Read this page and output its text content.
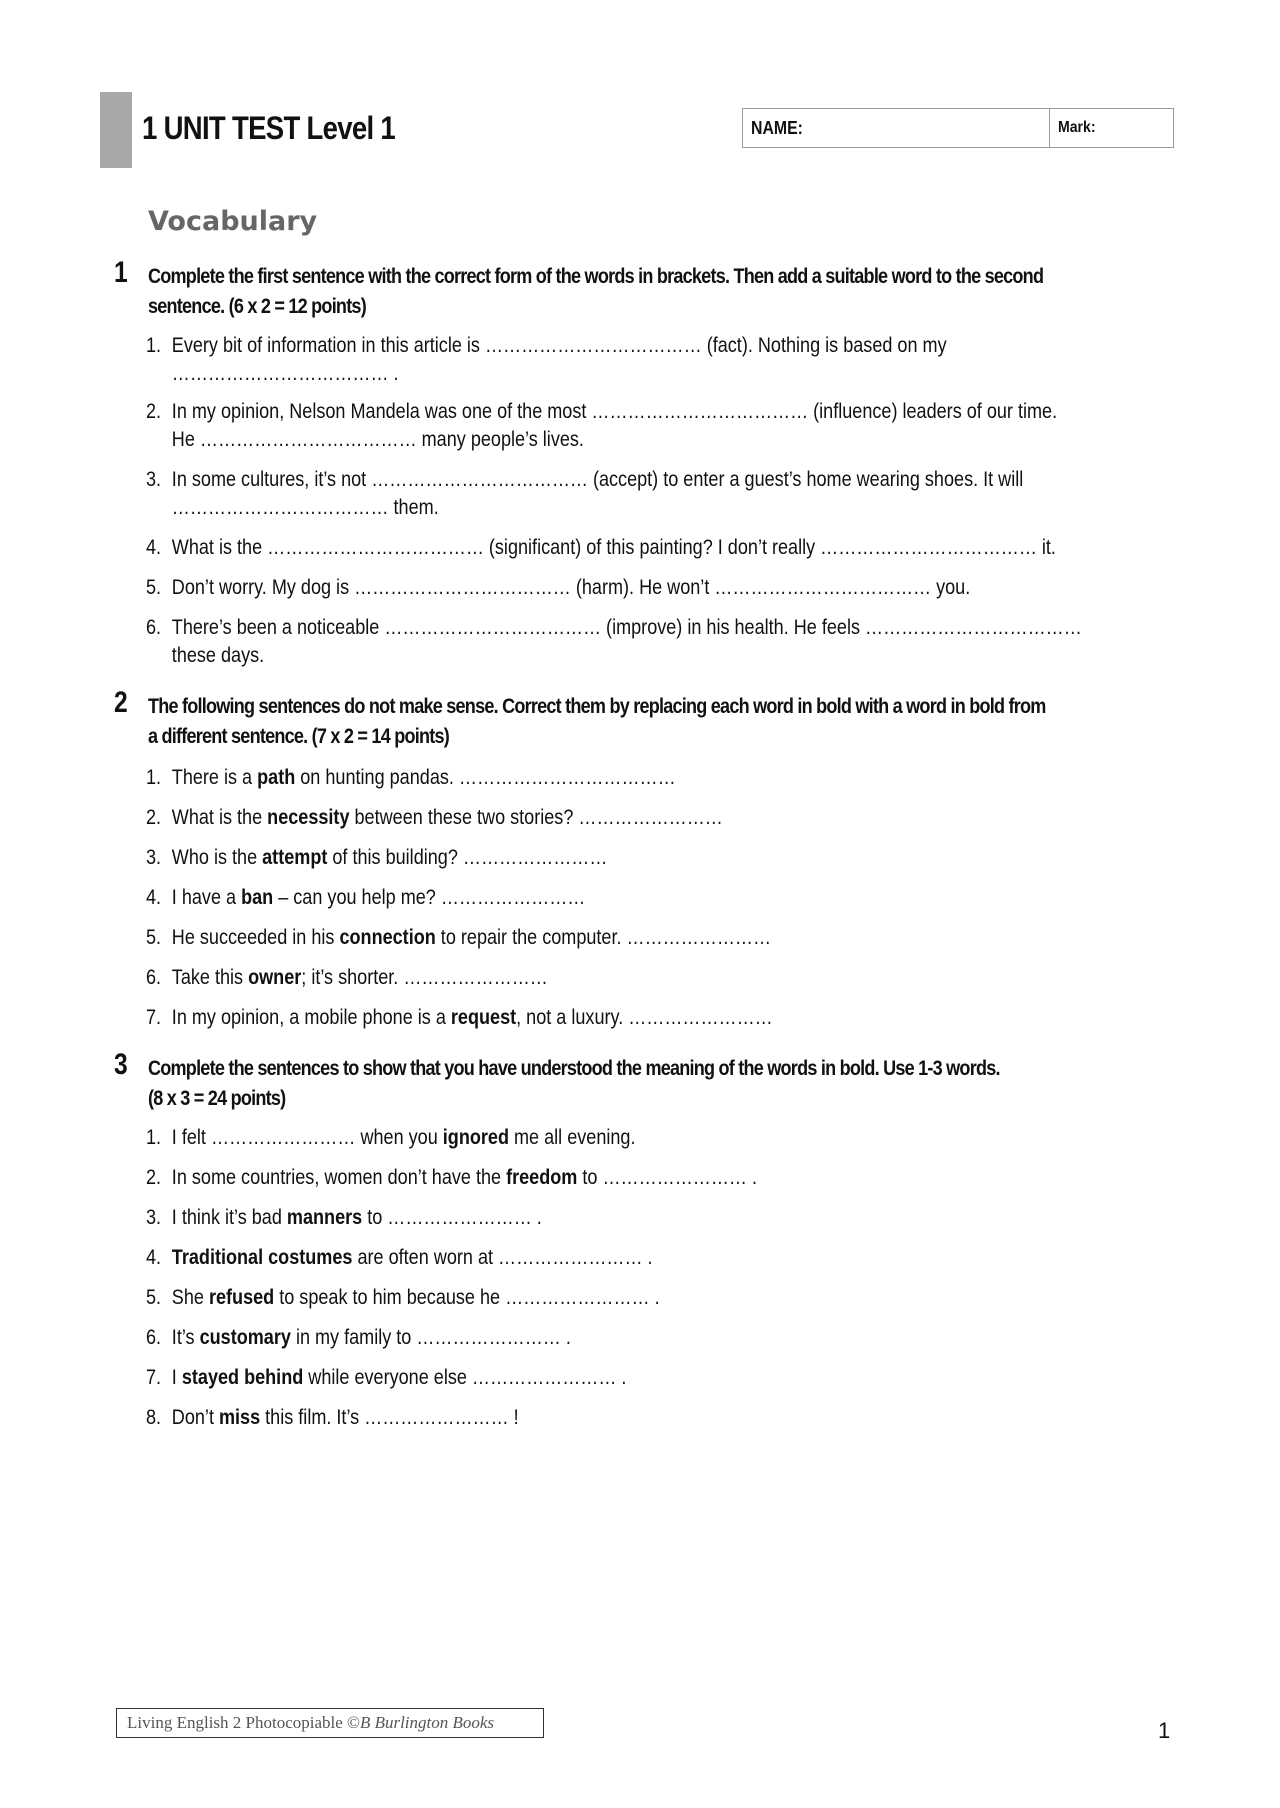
1 UNIT TEST Level 1	NAME:	Mark:
Vocabulary
1 Complete the first sentence with the correct form of the words in brackets. Then add a suitable word to the second
sentence. (6 x 2 = 12 points)
1. Every bit of information in this article is ……………………………… (fact). Nothing is based on my
……………………………… .
2. In my opinion, Nelson Mandela was one of the most ……………………………… (influence) leaders of our time.
He ……………………………… many people’s lives.
3. In some cultures, it’s not ……………………………… (accept) to enter a guest’s home wearing shoes. It will
……………………………… them.
4. What is the ……………………………… (significant) of this painting? I don’t really ……………………………… it.
5. Don’t worry. My dog is ……………………………… (harm). He won’t ……………………………… you.
6. There’s been a noticeable ……………………………… (improve) in his health. He feels ………………………………
these days.
2 The following sentences do not make sense. Correct them by replacing each word in bold with a word in bold from
a different sentence. (7 x 2 = 14 points)
1. There is a path on hunting pandas. ………………………………
2. What is the necessity between these two stories? ……………………
3. Who is the attempt of this building? ……………………
4. I have a ban – can you help me? ……………………
5. He succeeded in his connection to repair the computer. ……………………
6. Take this owner; it’s shorter. ……………………
7. In my opinion, a mobile phone is a request, not a luxury. ……………………
3 Complete the sentences to show that you have understood the meaning of the words in bold. Use 1-3 words.
(8 x 3 = 24 points)
1. I felt …………………… when you ignored me all evening.
2. In some countries, women don’t have the freedom to …………………… .
3. I think it’s bad manners to …………………… .
4. Traditional costumes are often worn at …………………… .
5. She refused to speak to him because he …………………… .
6. It’s customary in my family to …………………… .
7. I stayed behind while everyone else …………………… .
8. Don’t miss this film. It’s …………………… !
Living English 2 Photocopiable © B Burlington Books	1
